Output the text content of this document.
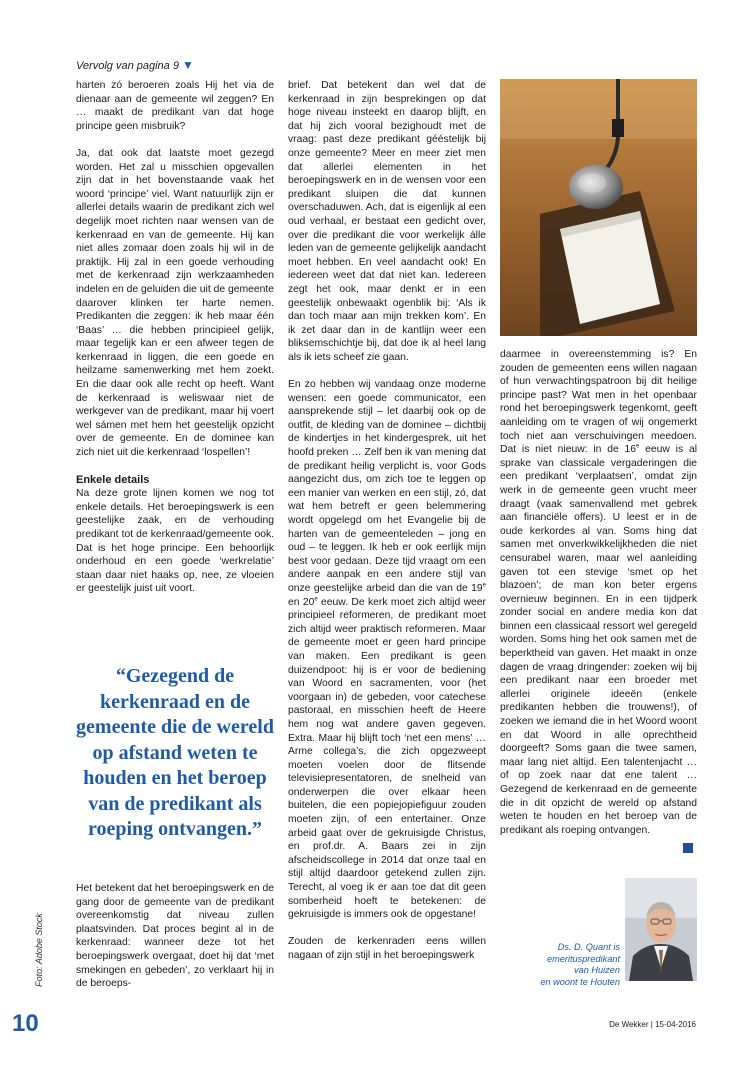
Vervolg van pagina 9 ▼

harten zó beroeren zoals Hij het via de dienaar aan de gemeente wil zeggen? En … maakt de predikant van dat hoge principe geen misbruik?

Ja, dat ook dat laatste moet gezegd worden. Het zal u misschien opgevallen zijn dat in het bovenstaande vaak het woord ‘principe’ viel. Want natuurlijk zijn er allerlei details waarin de predikant zich wel degelijk moet richten naar wensen van de kerkenraad en van de gemeente. Hij kan niet alles zomaar doen zoals hij wil in de praktijk. Hij zal in een goede verhouding met de kerkenraad zijn werkzaamheden indelen en de geluiden die uit de gemeente daarover klinken ter harte nemen. Predikanten die zeggen: ik heb maar één ‘Baas’ … die hebben principieel gelijk, maar tegelijk kan er een afweer tegen de kerkenraad in liggen, die een goede en heilzame samenwerking met hem zoekt. En die daar ook alle recht op heeft. Want de kerkenraad is weliswaar niet de werkgever van de predikant, maar hij voert wel sámen met hem het geestelijk opzicht over de gemeente. En de dominee kan zich niet uit die kerkenraad ‘lospellen’!

Enkele details

Na deze grote lijnen komen we nog tot enkele details. Het beroepingswerk is een geestelijke zaak, en de verhouding predikant tot de kerkenraad/gemeente ook. Dat is het hoge principe. Een behoorlijk onderhoud en een goede ‘werkrelatie’ staan daar niet haaks op, nee, ze vloeien er geestelijk juist uit voort.

“Gezegend de kerkenraad en de gemeente die de wereld op afstand weten te houden en het beroep van de predikant als roeping ontvangen.”

Het betekent dat het beroepingswerk en de gang door de gemeente van de predikant overeenkomstig dat niveau zullen plaatsvinden. Dat proces begint al in de kerkenraad: wanneer deze tot het beroepingswerk overgaat, doet hij dat ‘met smekingen en gebeden’, zo verklaart hij in de beroeps-

brief. Dat betekent dan wel dat de kerkenraad in zijn besprekingen op dat hoge niveau insteekt en daarop blijft, en dat hij zich vooral bezighoudt met de vraag: past deze predikant gééstelijk bij onze gemeente? Meer en meer ziet men dat allerlei elementen in het beroepingswerk en in de wensen voor een predikant sluipen die dat kunnen overschaduwen. Ach, dat is eigenlijk al een oud verhaal, er bestaat een gedicht over, over die predikant die voor werkelijk álle leden van de gemeente gelijkelijk aandacht moet hebben. En veel aandacht ook! En iedereen weet dat dat niet kan. Iedereen zegt het ook, maar denkt er in een geestelijk onbewaakt ogenblik bij: ‘Als ik dan toch maar aan mijn trekken kom’. En ik zet daar dan in de kantlijn weer een bliksemschichtje bij, dat doe ik al heel lang als ik iets scheef zie gaan.

En zo hebben wij vandaag onze moderne wensen: een goede communicator, een aansprekende stijl – let daarbij ook op de outfit, de kleding van de dominee – dichtbij de kindertjes in het kindergesprek, uit het hoofd preken … Zelf ben ik van mening dat de predikant heilig verplicht is, voor Gods aangezicht dus, om zich toe te leggen op een manier van werken en een stijl, zó, dat wat hem betreft er geen belemmering wordt opgelegd om het Evangelie bij de harten van de gemeenteleden – jong en oud – te leggen. Ik heb er ook eerlijk mijn best voor gedaan. Deze tijd vraagt om een andere aanpak en een andere stijl van onze geestelijke arbeid dan die van de 19e en 20e eeuw. De kerk moet zich altijd weer principieel reformeren, de predikant moet zich altijd weer praktisch reformeren. Maar de gemeente moet er geen hard principe van maken. Een predikant is geen duizendpoot: hij is er voor de bediening van Woord en sacramenten, voor (het voorgaan in) de gebeden, voor catechese pastoraal, en misschien heeft de Heere hem nog wat andere gaven gegeven. Extra. Maar hij blijft toch ‘net een mens’ … Arme collega’s, die zich opgezweept moeten voelen door de flitsende televisiepresentatoren, de snelheid van onderwerpen die over elkaar heen buitelen, die een popiejopiefiguur zouden moeten zijn, of een entertainer. Onze arbeid gaat over de gekruisigde Christus, en prof.dr. A. Baars zei in zijn afscheidscollege in 2014 dat onze taal en stijl altijd daardoor getekend zullen zijn. Terecht, al voeg ik er aan toe dat dit geen somberheid hoeft te betekenen: de gekruisigde is immers ook de opgestane!

Zouden de kerkenraden eens willen nagaan of zijn stijl in het beroepingswerk

daarmee in overeenstemming is? En zouden de gemeenten eens willen nagaan of hun verwachtingspatroon bij dit heilige principe past? Wat men in het openbaar rond het beroepingswerk tegenkomt, geeft aanleiding om te vragen of wij ongemerkt toch niet aan verschuivingen meedoen. Dat is niet nieuw: in de 16e eeuw is al sprake van classicale vergaderingen die een predikant ‘verplaatsen’, omdat zijn werk in de gemeente geen vrucht meer draagt (vaak samenvallend met gebrek aan financiële offers). U leest er in de oude kerkordes al van. Soms hing dat samen met onverkwikkelijkheden die niet censurabel waren, maar wel aanleiding gaven tot een stevige ‘smet op het blazoen’; de man kon beter ergens overnieuw beginnen. En in een tijdperk zonder social en andere media kon dat binnen een classicaal ressort wel geregeld worden. Soms hing het ook samen met de beperktheid van gaven. Het maakt in onze dagen de vraag dringender: zoeken wij bij een predikant naar een broeder met allerlei originele ideeën (enkele predikanten hebben die trouwens!), of zoeken we iemand die in het Woord woont en dat Woord in alle oprechtheid doorgeeft? Soms gaan die twee samen, maar lang niet altijd. Een talentenjacht … of op zoek naar dat ene talent … Gezegend de kerkenraad en de gemeente die in dit opzicht de wereld op afstand weten te houden en het beroep van de predikant als roeping ontvangen.

Ds. D. Quant is
emerituspredikant van Huizen
en woont te Houten
Foto: Adobe Stock
10	De Wekker | 15-04-2016
